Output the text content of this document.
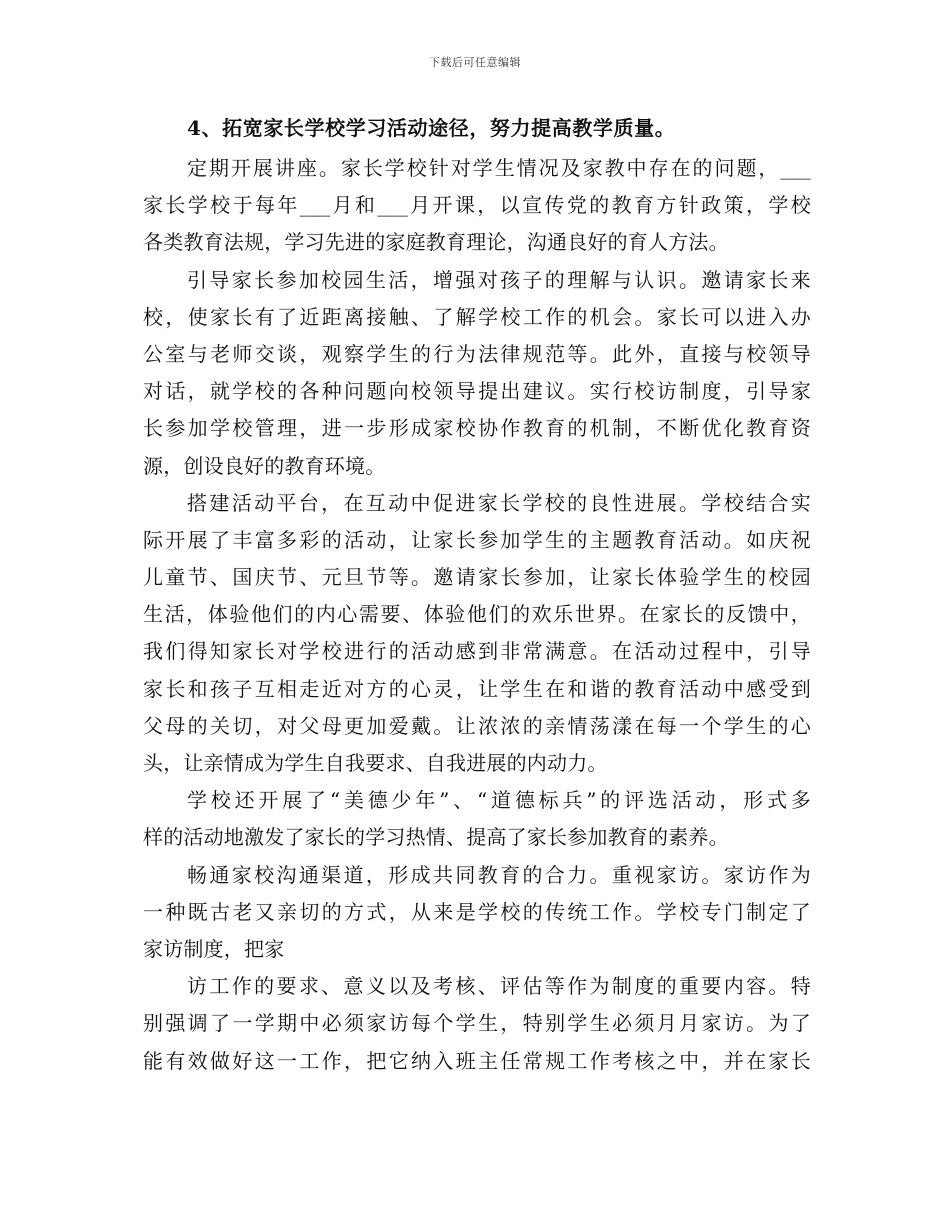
下载后可任意编辑
4、拓宽家长学校学习活动途径，努力提高教学质量。
定期开展讲座。家长学校针对学生情况及家教中存在的问题，___
家长学校于每年___月和___月开课，以宣传党的教育方针政策，学校
各类教育法规，学习先进的家庭教育理论，沟通良好的育人方法。
引导家长参加校园生活，增强对孩子的理解与认识。邀请家长来
校，使家长有了近距离接触、了解学校工作的机会。家长可以进入办
公室与老师交谈，观察学生的行为法律规范等。此外，直接与校领导
对话，就学校的各种问题向校领导提出建议。实行校访制度，引导家
长参加学校管理，进一步形成家校协作教育的机制，不断优化教育资
源，创设良好的教育环境。
搭建活动平台，在互动中促进家长学校的良性进展。学校结合实
际开展了丰富多彩的活动，让家长参加学生的主题教育活动。如庆祝
儿童节、国庆节、元旦节等。邀请家长参加，让家长体验学生的校园
生活，体验他们的内心需要、体验他们的欢乐世界。在家长的反馈中，
我们得知家长对学校进行的活动感到非常满意。在活动过程中，引导
家长和孩子互相走近对方的心灵，让学生在和谐的教育活动中感受到
父母的关切，对父母更加爱戴。让浓浓的亲情荡漾在每一个学生的心
头，让亲情成为学生自我要求、自我进展的内动力。
学校还开展了“美德少年”、“道德标兵”的评选活动，形式多
样的活动地激发了家长的学习热情、提高了家长参加教育的素养。
畅通家校沟通渠道，形成共同教育的合力。重视家访。家访作为
一种既古老又亲切的方式，从来是学校的传统工作。学校专门制定了
家访制度，把家
访工作的要求、意义以及考核、评估等作为制度的重要内容。特
别强调了一学期中必须家访每个学生，特别学生必须月月家访。为了
能有效做好这一工作，把它纳入班主任常规工作考核之中，并在家长
